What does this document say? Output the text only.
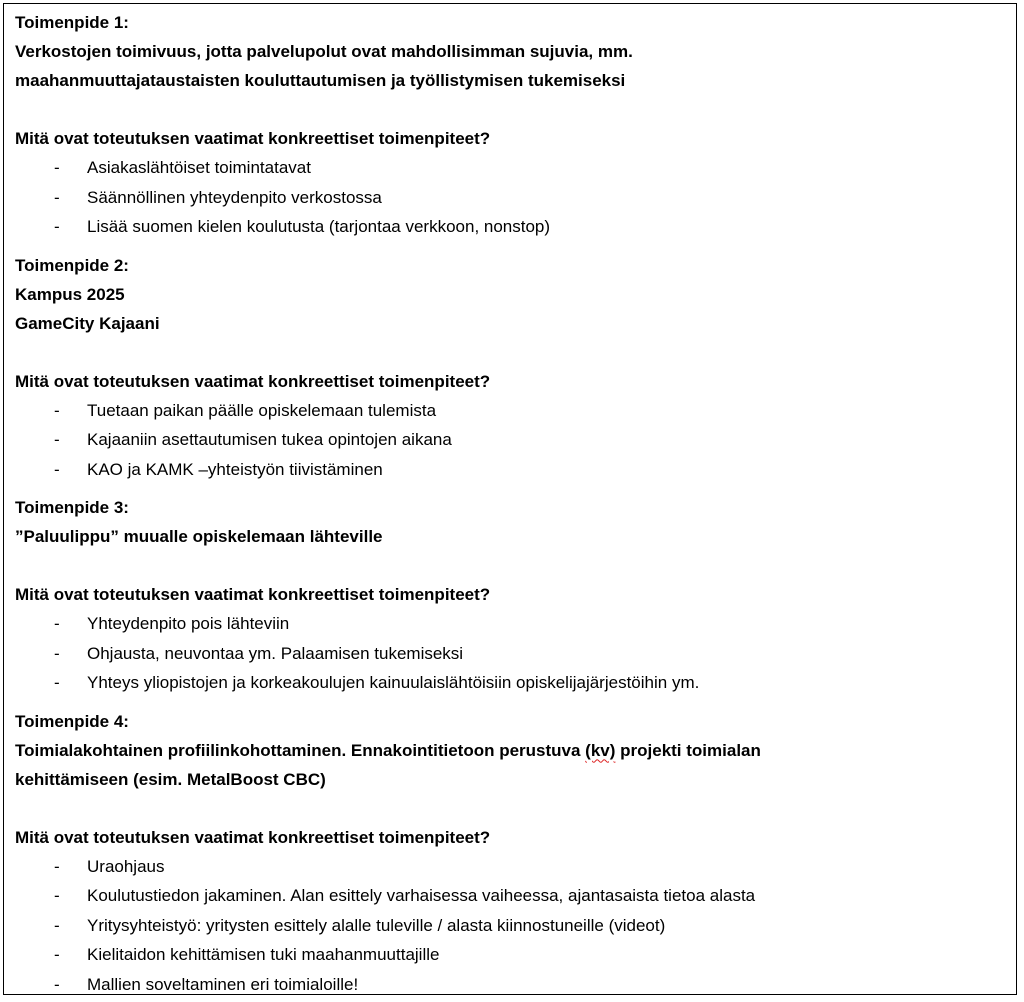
Toimenpide 1:
Verkostojen toimivuus, jotta palvelupolut ovat mahdollisimman sujuvia, mm.
maahanmuuttajataustaisten kouluttautumisen ja työllistymisen tukemiseksi
Mitä ovat toteutuksen vaatimat konkreettiset toimenpiteet?
- Asiakaslähtöiset toimintatavat
- Säännöllinen yhteydenpito verkostossa
- Lisää suomen kielen koulutusta (tarjontaa verkkoon, nonstop)
Toimenpide 2:
Kampus 2025
GameCity Kajaani
Mitä ovat toteutuksen vaatimat konkreettiset toimenpiteet?
- Tuetaan paikan päälle opiskelemaan tulemista
- Kajaaniin asettautumisen tukea opintojen aikana
- KAO ja KAMK –yhteistyön tiivistäminen
Toimenpide 3:
”Paluulippu” muualle opiskelemaan lähteville
Mitä ovat toteutuksen vaatimat konkreettiset toimenpiteet?
- Yhteydenpito pois lähteviin
- Ohjausta, neuvontaa ym. Palaamisen tukemiseksi
- Yhteys yliopistojen ja korkeakoulujen kainuulaislähtöisiin opiskelijajärjestöihin ym.
Toimenpide 4:
Toimialakohtainen profiilinkohottaminen. Ennakointitietoon perustuva (kv) projekti toimialan
kehittämiseen (esim. MetalBoost CBC)
Mitä ovat toteutuksen vaatimat konkreettiset toimenpiteet?
- Uraohjaus
- Koulutustiedon jakaminen. Alan esittely varhaisessa vaiheessa, ajantasaista tietoa alasta
- Yritysyhteistyö: yritysten esittely alalle tuleville / alasta kiinnostuneille (videot)
- Kielitaidon kehittämisen tuki maahanmuuttajille
- Mallien soveltaminen eri toimialoille!
